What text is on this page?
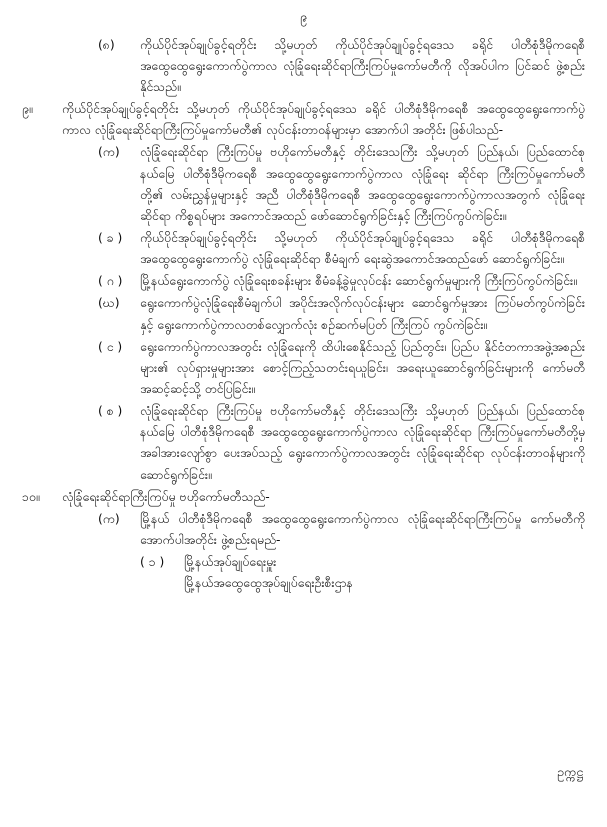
၉
(၈)	ကိုယ်ပိုင်အုပ်ချုပ်ခွင့်ရတိုင်း သို့မဟုတ် ကိုယ်ပိုင်အုပ်ချုပ်ခွင့်ရဒေသ ခရိုင် ပါတီစုံဒီမိုကရေစီ အထွေထွေရွေးကောက်ပွဲကာလ လုံခြုံရေးဆိုင်ရာကြီးကြပ်မှုကော်မတီကို လိုအပ်ပါက ပြင်ဆင် ဖွဲ့စည်းနိုင်သည်။
၉။	ကိုယ်ပိုင်အုပ်ချုပ်ခွင့်ရတိုင်း သို့မဟုတ် ကိုယ်ပိုင်အုပ်ချုပ်ခွင့်ရဒေသ ခရိုင် ပါတီစုံဒီမိုကရေစီ အထွေထွေရွေးကောက်ပွဲ ကာလ လုံခြုံရေးဆိုင်ရာကြီးကြပ်မှုကော်မတီ၏ လုပ်ငန်းတာဝန်များမှာ အောက်ပါ အတိုင်း ဖြစ်ပါသည်-
(က)	လုံခြုံရေးဆိုင်ရာ ကြီးကြပ်မှု ဗဟိုကော်မတီနှင့် တိုင်းဒေသကြီး သို့မဟုတ် ပြည်နယ်၊ ပြည်ထောင်စုနယ်မြေ ပါတီစုံဒီမိုကရေစီ အထွေထွေရွေးကောက်ပွဲကာလ လုံခြုံရေး ဆိုင်ရာ ကြီးကြပ်မှုကော်မတီတို့၏ လမ်းညွှန်မှုများနှင့် အညီ ပါတီစုံဒီမိုကရေစီ အထွေထွေရွေးကောက်ပွဲကာလအတွက် လုံခြုံရေးဆိုင်ရာ ကိစ္စရပ်များ အကောင်အထည် ဖော်ဆောင်ရွက်ခြင်းနှင့် ကြီးကြပ်ကွပ်ကဲခြင်း။
( ခ )	ကိုယ်ပိုင်အုပ်ချုပ်ခွင့်ရတိုင်း သို့မဟုတ် ကိုယ်ပိုင်အုပ်ချုပ်ခွင့်ရဒေသ ခရိုင် ပါတီစုံဒီမိုကရေစီ အထွေထွေရွေးကောက်ပွဲ လုံခြုံရေးဆိုင်ရာ စီမံချက် ရေးဆွဲအကောင်အထည်ဖော် ဆောင်ရွက်ခြင်း။
( ဂ )	မြို့နယ်ရွေးကောက်ပွဲ လုံခြုံရေးစခန်းများ စီမံခန့်ခွဲမှုလုပ်ငန်း ဆောင်ရွက်မှုများကို ကြီးကြပ်ကွပ်ကဲခြင်း။
(ဃ)	ရွေးကောက်ပွဲလုံခြုံရေးစီမံချက်ပါ အပိုင်းအလိုက်လုပ်ငန်းများ ဆောင်ရွက်မှုအား ကြပ်မတ်ကွပ်ကဲခြင်းနှင့် ရွေးကောက်ပွဲကာလတစ်လျှောက်လုံး စဉ်ဆက်မပြတ် ကြီးကြပ် ကွပ်ကဲခြင်း။
( င )	ရွေးကောက်ပွဲကာလအတွင်း လုံခြုံရေးကို ထိပါးစေနိုင်သည့် ပြည်တွင်း၊ ပြည်ပ နိုင်ငံတကာအဖွဲ့အစည်းများ၏ လုပ်ရှားမှုများအား စောင့်ကြည့်သတင်းရယူခြင်း၊ အရေးယူဆောင်ရွက်ခြင်းများကို ကော်မတီအဆင့်ဆင့်သို့ တင်ပြခြင်း။
( စ )	လုံခြုံရေးဆိုင်ရာ ကြီးကြပ်မှု ဗဟိုကော်မတီနှင့် တိုင်းဒေသကြီး သို့မဟုတ် ပြည်နယ်၊ ပြည်ထောင်စုနယ်မြေ ပါတီစုံဒီမိုကရေစီ အထွေထွေရွေးကောက်ပွဲကာလ လုံခြုံရေးဆိုင်ရာ ကြီးကြပ်မှုကော်မတီတို့မှ အခါအားလျော်စွာ ပေးအပ်သည့် ရွေးကောက်ပွဲကာလအတွင်း လုံခြုံရေးဆိုင်ရာ လုပ်ငန်းတာဝန်များကို ဆောင်ရွက်ခြင်း။
၁၀။	လုံခြုံရေးဆိုင်ရာကြီးကြပ်မှု ဗဟိုကော်မတီသည်-
(က)	မြို့နယ် ပါတီစုံဒီမိုကရေစီ အထွေထွေရွေးကောက်ပွဲကာလ လုံခြုံရေးဆိုင်ရာကြီးကြပ်မှု ကော်မတီကို အောက်ပါအတိုင်း ဖွဲ့စည်းရမည်-
( ၁ )	မြို့နယ်အုပ်ချုပ်ရေးမှူး
မြို့နယ်အထွေထွေအုပ်ချုပ်ရေးဦးစီးဌာန
ဥက္ကဋ္ဌ
